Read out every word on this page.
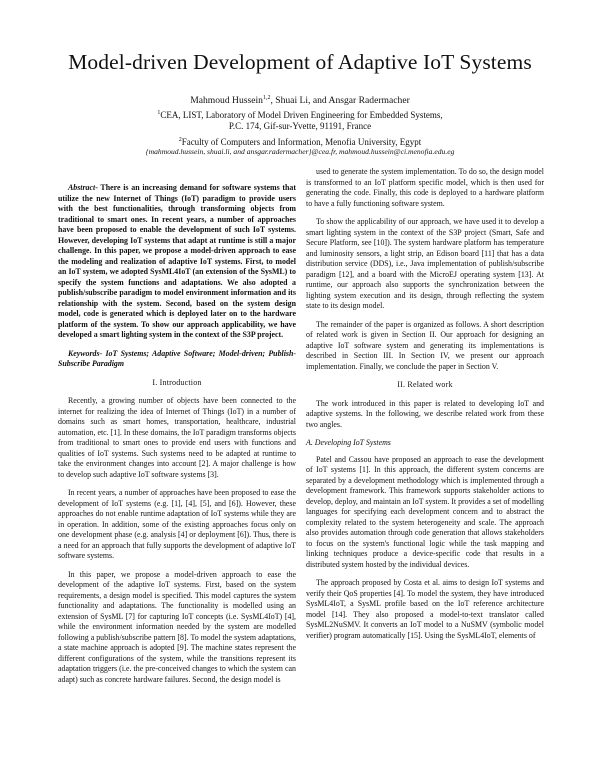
Model-driven Development of Adaptive IoT Systems
Mahmoud Hussein$^{1,2}$, Shuai Li, and Ansgar Radermacher
$^1$CEA, LIST, Laboratory of Model Driven Engineering for Embedded Systems,
P.C. 174, Gif-sur-Yvette, 91191, France
$^2$Faculty of Computers and Information, Menofia University, Egypt
{mahmoud.hussein, shuai.li, and ansgar.radermacher}@cea.fr, mahmoud.hussein@ci.menofia.edu.eg

Abstract- There is an increasing demand for software systems that utilize the new Internet of Things (IoT) paradigm to provide users with the best functionalities, through transforming objects from traditional to smart ones. In recent years, a number of approaches have been proposed to enable the development of such IoT systems. However, developing IoT systems that adapt at runtime is still a major challenge. In this paper, we propose a model-driven approach to ease the modeling and realization of adaptive IoT systems. First, to model an IoT system, we adopted SysML4IoT (an extension of the SysML) to specify the system functions and adaptations. We also adopted a publish/subscribe paradigm to model environment information and its relationship with the system. Second, based on the system design model, code is generated which is deployed later on to the hardware platform of the system. To show our approach applicability, we have developed a smart lighting system in the context of the S3P project.

Keywords- IoT Systems; Adaptive Software; Model-driven; Publish-Subscribe Paradigm

I. Introduction

Recently, a growing number of objects have been connected to the internet for realizing the idea of Internet of Things (IoT) in a number of domains such as smart homes, transportation, healthcare, industrial automation, etc. [1]. In these domains, the IoT paradigm transforms objects from traditional to smart ones to provide end users with functions and qualities of IoT systems. Such systems need to be adapted at runtime to take the environment changes into account [2]. A major challenge is how to develop such adaptive IoT software systems [3].

In recent years, a number of approaches have been proposed to ease the development of IoT systems (e.g. [1], [4], [5], and [6]). However, these approaches do not enable runtime adaptation of IoT systems while they are in operation. In addition, some of the existing approaches focus only on one development phase (e.g. analysis [4] or deployment [6]). Thus, there is a need for an approach that fully supports the development of adaptive IoT software systems.

In this paper, we propose a model-driven approach to ease the development of the adaptive IoT systems. First, based on the system requirements, a design model is specified. This model captures the system functionality and adaptations. The functionality is modelled using an extension of SysML [7] for capturing IoT concepts (i.e. SysML4IoT) [4], while the environment information needed by the system are modelled following a publish/subscribe pattern [8]. To model the system adaptations, a state machine approach is adopted [9]. The machine states represent the different configurations of the system, while the transitions represent its adaptation triggers (i.e. the pre-conceived changes to which the system can adapt) such as concrete hardware failures. Second, the design model is

used to generate the system implementation. To do so, the design model is transformed to an IoT platform specific model, which is then used for generating the code. Finally, this code is deployed to a hardware platform to have a fully functioning software system.

To show the applicability of our approach, we have used it to develop a smart lighting system in the context of the S3P project (Smart, Safe and Secure Platform, see [10]). The system hardware platform has temperature and luminosity sensors, a light strip, an Edison board [11] that has a data distribution service (DDS), i.e., Java implementation of publish/subscribe paradigm [12], and a board with the MicroEJ operating system [13]. At runtime, our approach also supports the synchronization between the lighting system execution and its design, through reflecting the system state to its design model.

The remainder of the paper is organized as follows. A short description of related work is given in Section II. Our approach for designing an adaptive IoT software system and generating its implementations is described in Section III. In Section IV, we present our approach implementation. Finally, we conclude the paper in Section V.

II. Related work

The work introduced in this paper is related to developing IoT and adaptive systems. In the following, we describe related work from these two angles.

A. Developing IoT Systems

Patel and Cassou have proposed an approach to ease the development of IoT systems [1]. In this approach, the different system concerns are separated by a development methodology which is implemented through a development framework. This framework supports stakeholder actions to develop, deploy, and maintain an IoT system. It provides a set of modelling languages for specifying each development concern and to abstract the complexity related to the system heterogeneity and scale. The approach also provides automation through code generation that allows stakeholders to focus on the system's functional logic while the task mapping and linking techniques produce a device-specific code that results in a distributed system hosted by the individual devices.

The approach proposed by Costa et al. aims to design IoT systems and verify their QoS properties [4]. To model the system, they have introduced SysML4IoT, a SysML profile based on the IoT reference architecture model [14]. They also proposed a model-to-text translator called SysML2NuSMV. It converts an IoT model to a NuSMV (symbolic model verifier) program automatically [15]. Using the SysML4IoT, elements of
